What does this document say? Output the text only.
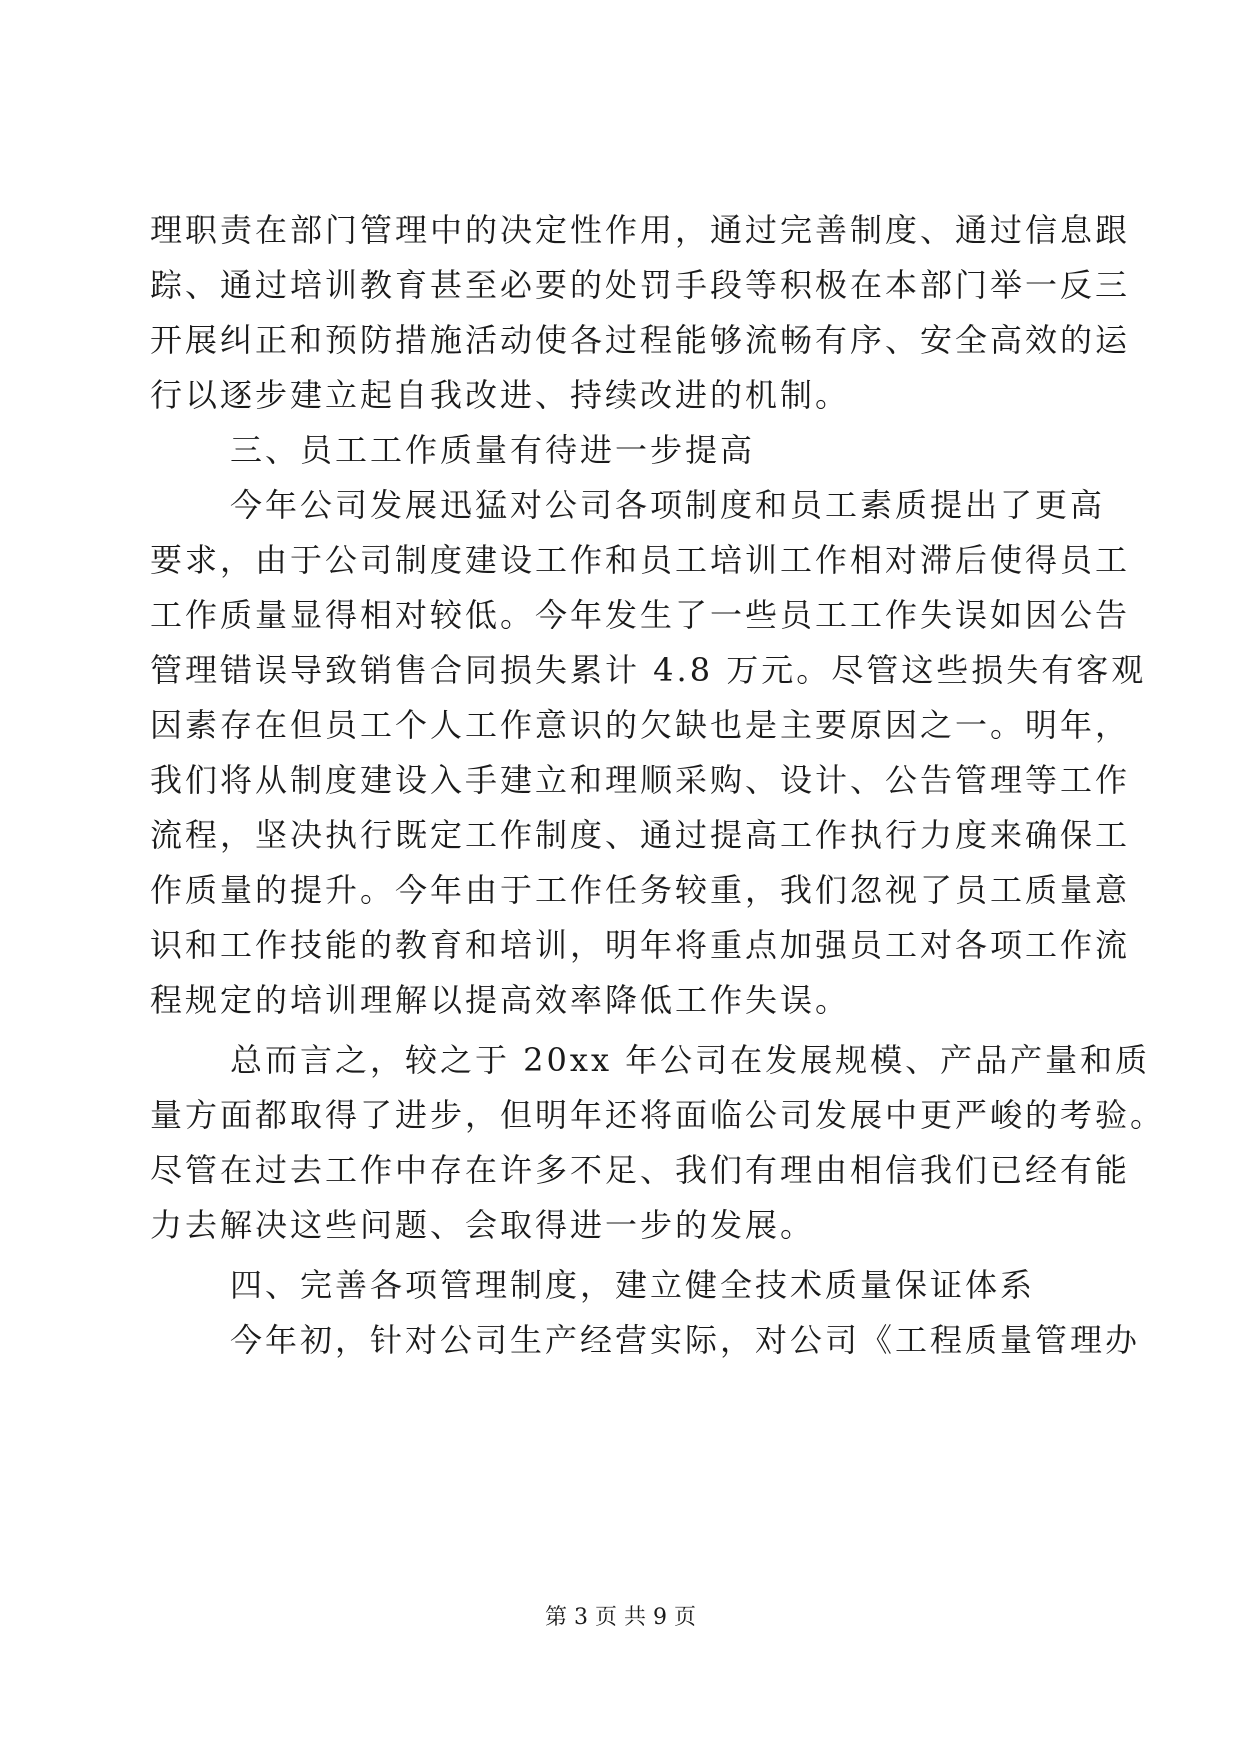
理职责在部门管理中的决定性作用，通过完善制度、通过信息跟
踪、通过培训教育甚至必要的处罚手段等积极在本部门举一反三
开展纠正和预防措施活动使各过程能够流畅有序、安全高效的运
行以逐步建立起自我改进、持续改进的机制。
三、员工工作质量有待进一步提高
今年公司发展迅猛对公司各项制度和员工素质提出了更高
要求，由于公司制度建设工作和员工培训工作相对滞后使得员工
工作质量显得相对较低。今年发生了一些员工工作失误如因公告
管理错误导致销售合同损失累计 4.8 万元。尽管这些损失有客观
因素存在但员工个人工作意识的欠缺也是主要原因之一。明年，
我们将从制度建设入手建立和理顺采购、设计、公告管理等工作
流程，坚决执行既定工作制度、通过提高工作执行力度来确保工
作质量的提升。今年由于工作任务较重，我们忽视了员工质量意
识和工作技能的教育和培训，明年将重点加强员工对各项工作流
程规定的培训理解以提高效率降低工作失误。
总而言之，较之于 20xx 年公司在发展规模、产品产量和质
量方面都取得了进步，但明年还将面临公司发展中更严峻的考验。
尽管在过去工作中存在许多不足、我们有理由相信我们已经有能
力去解决这些问题、会取得进一步的发展。
四、完善各项管理制度，建立健全技术质量保证体系
今年初，针对公司生产经营实际，对公司《工程质量管理办
第 3 页 共 9 页
